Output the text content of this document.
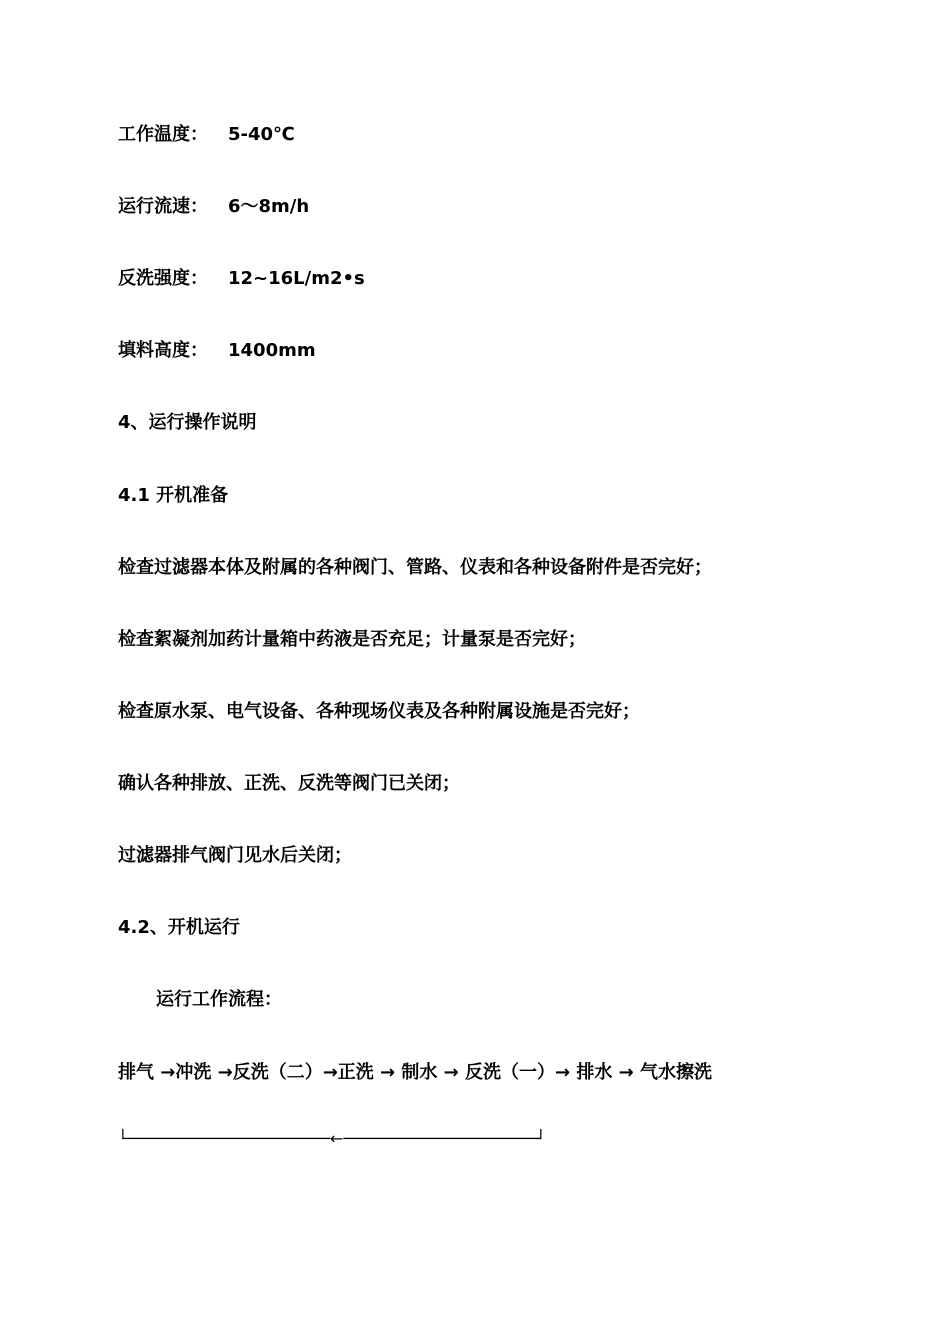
工作温度： 5-40℃
运行流速： 6～8m/h
反洗强度： 12~16L/m2•s
填料高度： 1400mm
4、运行操作说明
4.1 开机准备
检查过滤器本体及附属的各种阀门、管路、仪表和各种设备附件是否完好；
检查絮凝剂加药计量箱中药液是否充足；计量泵是否完好；
检查原水泵、电气设备、各种现场仪表及各种附属设施是否完好；
确认各种排放、正洗、反洗等阀门已关闭；
过滤器排气阀门见水后关闭；
4.2、开机运行
运行工作流程：
排气 →冲洗 →反洗（二）→正洗 → 制水 → 反洗（一）→ 排水 → 气水擦洗
└─────────────────────←────────────────────┘
